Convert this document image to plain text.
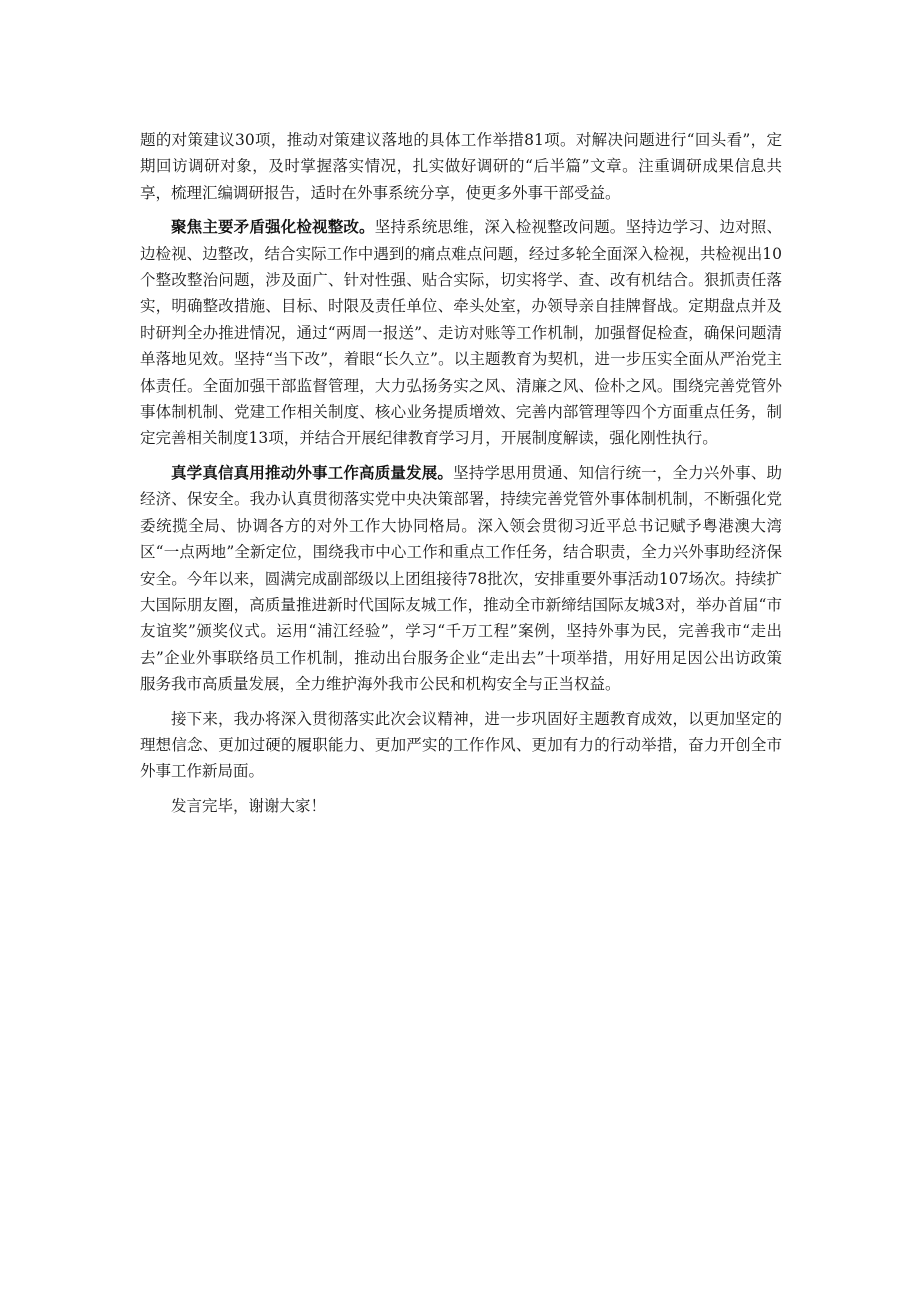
题的对策建议30项，推动对策建议落地的具体工作举措81项。对解决问题进行“回头看”，定期回访调研对象，及时掌握落实情况，扎实做好调研的“后半篇”文章。注重调研成果信息共享，梳理汇编调研报告，适时在外事系统分享，使更多外事干部受益。

聚焦主要矛盾强化检视整改。坚持系统思维，深入检视整改问题。坚持边学习、边对照、边检视、边整改，结合实际工作中遇到的痛点难点问题，经过多轮全面深入检视，共检视出10个整改整治问题，涉及面广、针对性强、贴合实际，切实将学、查、改有机结合。狠抓责任落实，明确整改措施、目标、时限及责任单位、牵头处室，办领导亲自挂牌督战。定期盘点并及时研判全办推进情况，通过“两周一报送”、走访对账等工作机制，加强督促检查，确保问题清单落地见效。坚持“当下改”，着眼“长久立”。以主题教育为契机，进一步压实全面从严治党主体责任。全面加强干部监督管理，大力弘扬务实之风、清廉之风、俭朴之风。围绕完善党管外事体制机制、党建工作相关制度、核心业务提质增效、完善内部管理等四个方面重点任务，制定完善相关制度13项，并结合开展纪律教育学习月，开展制度解读，强化刚性执行。

真学真信真用推动外事工作高质量发展。坚持学思用贯通、知信行统一，全力兴外事、助经济、保安全。我办认真贯彻落实党中央决策部署，持续完善党管外事体制机制，不断强化党委统揽全局、协调各方的对外工作大协同格局。深入领会贯彻习近平总书记赋予粤港澳大湾区“一点两地”全新定位，围绕我市中心工作和重点工作任务，结合职责，全力兴外事助经济保安全。今年以来，圆满完成副部级以上团组接待78批次，安排重要外事活动107场次。持续扩大国际朋友圈，高质量推进新时代国际友城工作，推动全市新缔结国际友城3对，举办首届“市友谊奖”颁奖仪式。运用“浦江经验”，学习“千万工程”案例，坚持外事为民，完善我市“走出去”企业外事联络员工作机制，推动出台服务企业“走出去”十项举措，用好用足因公出访政策服务我市高质量发展，全力维护海外我市公民和机构安全与正当权益。

接下来，我办将深入贯彻落实此次会议精神，进一步巩固好主题教育成效，以更加坚定的理想信念、更加过硬的履职能力、更加严实的工作作风、更加有力的行动举措，奋力开创全市外事工作新局面。

发言完毕，谢谢大家！
